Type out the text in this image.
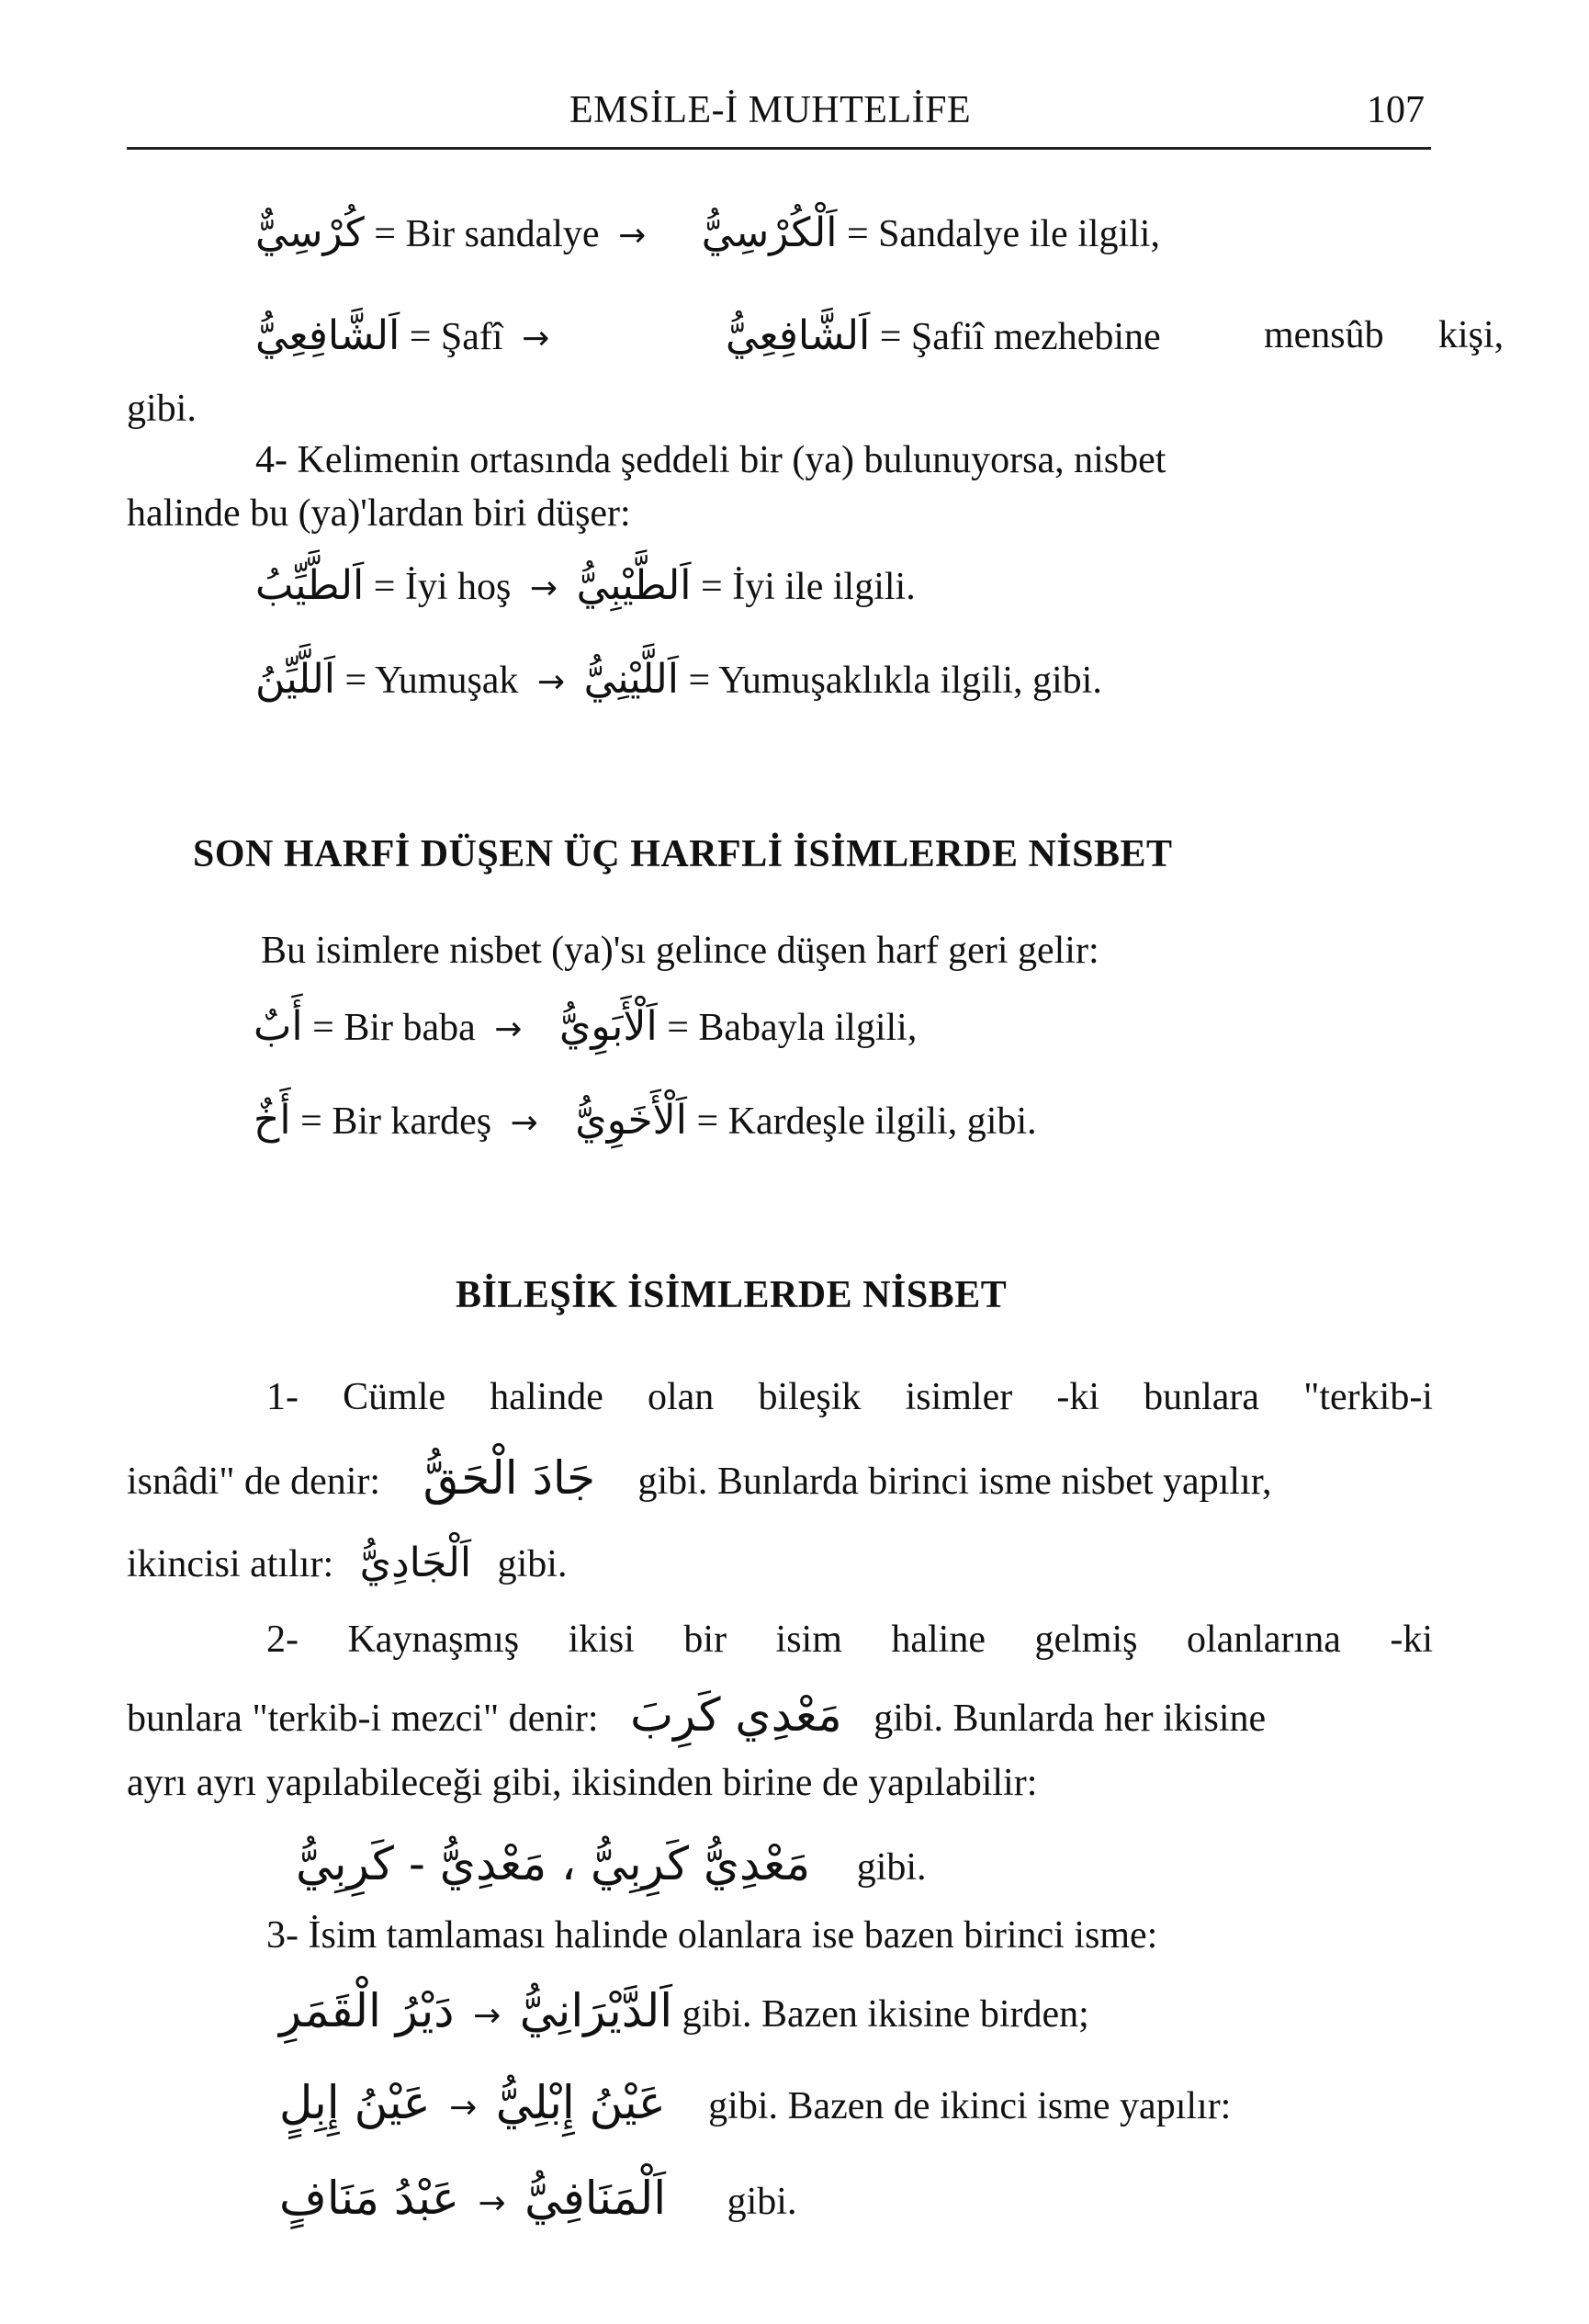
EMSİLE-İ MUHTELİFE	107
كُرْسِيٌّ = Bir sandalye → اَلْكُرْسِيُّ = Sandalye ile ilgili,
اَلشَّافِعِيُّ = Şafî →	اَلشَّافِعِيُّ = Şafiî mezhebine	mensûb kişi,
gibi.
4- Kelimenin ortasında şeddeli bir (ya) bulunuyorsa, nisbet
halinde bu (ya)'lardan biri düşer:
اَلطَّيِّبُ = İyi hoş → اَلطَّيْبِيُّ = İyi ile ilgili.
اَللَّيِّنُ = Yumuşak → اَللَّيْنِيُّ = Yumuşaklıkla ilgili, gibi.
SON HARFİ DÜŞEN ÜÇ HARFLİ İSİMLERDE NİSBET
Bu isimlere nisbet (ya)'sı gelince düşen harf geri gelir:
أَبٌ = Bir baba → اَلْأَبَوِيُّ = Babayla ilgili,
أَخٌ = Bir kardeş → اَلْأَخَوِيُّ = Kardeşle ilgili, gibi.
BİLEŞİK İSİMLERDE NİSBET
1- Cümle halinde olan bileşik isimler -ki bunlara "terkib-i
isnâdi" de denir: جَادَ الْحَقُّ gibi. Bunlarda birinci isme nisbet yapılır,
ikincisi atılır: اَلْجَادِيُّ gibi.
2- Kaynaşmış ikisi bir isim haline gelmiş olanlarına -ki
bunlara "terkib-i mezci" denir: مَعْدِي كَرِبَ gibi. Bunlarda her ikisine
ayrı ayrı yapılabileceği gibi, ikisinden birine de yapılabilir:
مَعْدِيُّ كَرِبِيُّ ، مَعْدِيُّ - كَرِبِيُّ gibi.
3- İsim tamlaması halinde olanlara ise bazen birinci isme:
دَيْرُ الْقَمَرِ → اَلدَّيْرَانِيُّ gibi. Bazen ikisine birden;
عَيْنُ إِبِلٍ → عَيْنُ إِبْلِيُّ gibi. Bazen de ikinci isme yapılır:
عَبْدُ مَنَافٍ → اَلْمَنَافِيُّ gibi.
